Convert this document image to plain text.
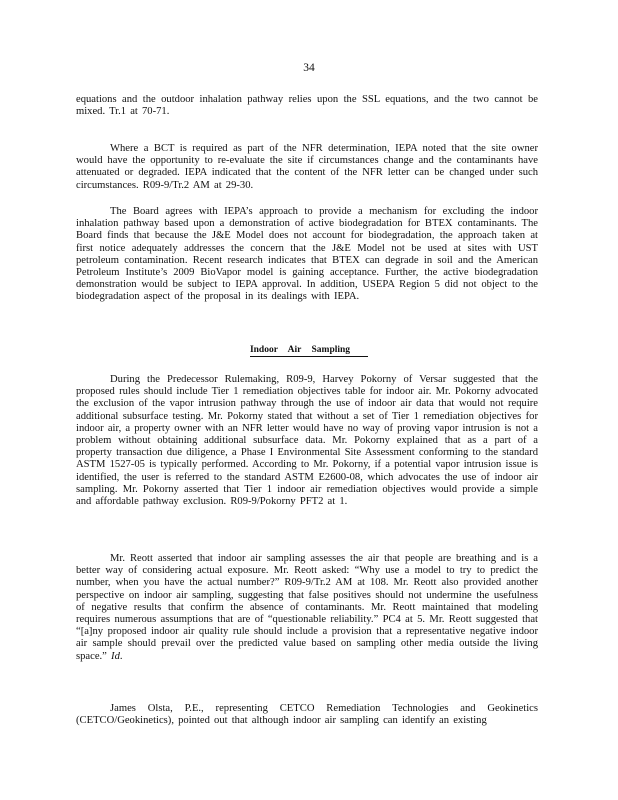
34

equations and the outdoor inhalation pathway relies upon the SSL equations, and the two cannot be mixed. Tr.1 at 70-71.

Where a BCT is required as part of the NFR determination, IEPA noted that the site owner would have the opportunity to re-evaluate the site if circumstances change and the contaminants have attenuated or degraded. IEPA indicated that the content of the NFR letter can be changed under such circumstances. R09-9/Tr.2 AM at 29-30.

The Board agrees with IEPA’s approach to provide a mechanism for excluding the indoor inhalation pathway based upon a demonstration of active biodegradation for BTEX contaminants. The Board finds that because the J&E Model does not account for biodegradation, the approach taken at first notice adequately addresses the concern that the J&E Model not be used at sites with UST petroleum contamination. Recent research indicates that BTEX can degrade in soil and the American Petroleum Institute’s 2009 BioVapor model is gaining acceptance. Further, the active biodegradation demonstration would be subject to IEPA approval. In addition, USEPA Region 5 did not object to the biodegradation aspect of the proposal in its dealings with IEPA.

Indoor Air Sampling

During the Predecessor Rulemaking, R09-9, Harvey Pokorny of Versar suggested that the proposed rules should include Tier 1 remediation objectives table for indoor air. Mr. Pokorny advocated the exclusion of the vapor intrusion pathway through the use of indoor air data that would not require additional subsurface testing. Mr. Pokorny stated that without a set of Tier 1 remediation objectives for indoor air, a property owner with an NFR letter would have no way of proving vapor intrusion is not a problem without obtaining additional subsurface data. Mr. Pokorny explained that as a part of a property transaction due diligence, a Phase I Environmental Site Assessment conforming to the standard ASTM 1527-05 is typically performed. According to Mr. Pokorny, if a potential vapor intrusion issue is identified, the user is referred to the standard ASTM E2600-08, which advocates the use of indoor air sampling. Mr. Pokorny asserted that Tier 1 indoor air remediation objectives would provide a simple and affordable pathway exclusion. R09-9/Pokorny PFT2 at 1.

Mr. Reott asserted that indoor air sampling assesses the air that people are breathing and is a better way of considering actual exposure. Mr. Reott asked: “Why use a model to try to predict the number, when you have the actual number?” R09-9/Tr.2 AM at 108. Mr. Reott also provided another perspective on indoor air sampling, suggesting that false positives should not undermine the usefulness of negative results that confirm the absence of contaminants. Mr. Reott maintained that modeling requires numerous assumptions that are of “questionable reliability.” PC4 at 5. Mr. Reott suggested that “[a]ny proposed indoor air quality rule should include a provision that a representative negative indoor air sample should prevail over the predicted value based on sampling other media outside the living space.” Id.

James Olsta, P.E., representing CETCO Remediation Technologies and Geokinetics (CETCO/Geokinetics), pointed out that although indoor air sampling can identify an existing
